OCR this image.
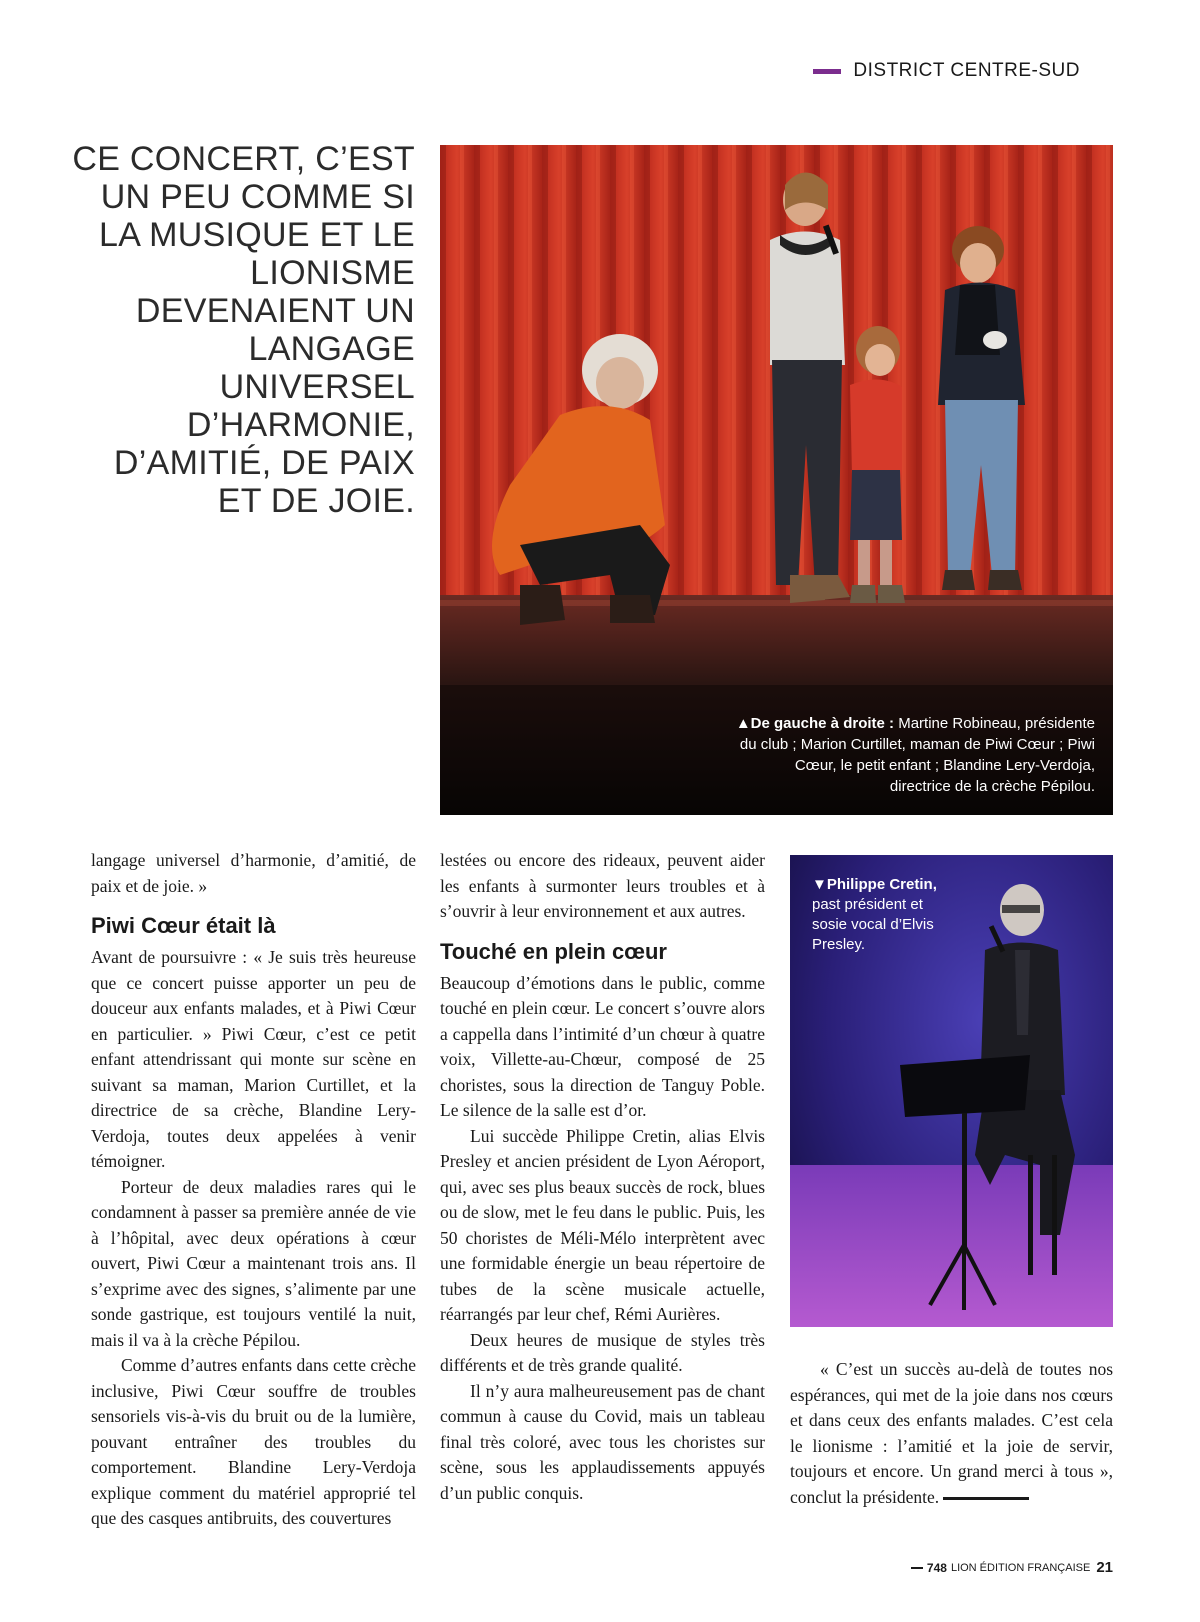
DISTRICT CENTRE-SUD
CE CONCERT, C’EST UN PEU COMME SI LA MUSIQUE ET LE LIONISME DEVENAIENT UN LANGAGE UNIVERSEL D’HARMONIE, D’AMITIÉ, DE PAIX ET DE JOIE.
▲De gauche à droite : Martine Robineau, présidente du club ; Marion Curtillet, maman de Piwi Cœur ; Piwi Cœur, le petit enfant ; Blandine Lery-Verdoja, directrice de la crèche Pépilou.

langage universel d’harmonie, d’amitié, de paix et de joie. »

Piwi Cœur était là

Avant de poursuivre : « Je suis très heureuse que ce concert puisse apporter un peu de douceur aux enfants malades, et à Piwi Cœur en particulier. » Piwi Cœur, c’est ce petit enfant attendrissant qui monte sur scène en suivant sa maman, Marion Curtillet, et la directrice de sa crèche, Blandine Lery-Verdoja, toutes deux appelées à venir témoigner.

Porteur de deux maladies rares qui le condamnent à passer sa première année de vie à l’hôpital, avec deux opérations à cœur ouvert, Piwi Cœur a maintenant trois ans. Il s’exprime avec des signes, s’alimente par une sonde gastrique, est toujours ventilé la nuit, mais il va à la crèche Pépilou.

Comme d’autres enfants dans cette crèche inclusive, Piwi Cœur souffre de troubles sensoriels vis-à-vis du bruit ou de la lumière, pouvant entraîner des troubles du comportement. Blandine Lery-Verdoja explique comment du matériel approprié tel que des casques antibruits, des couvertures

lestées ou encore des rideaux, peuvent aider les enfants à surmonter leurs troubles et à s’ouvrir à leur environnement et aux autres.

Touché en plein cœur

Beaucoup d’émotions dans le public, comme touché en plein cœur. Le concert s’ouvre alors a cappella dans l’intimité d’un chœur à quatre voix, Villette-au-Chœur, composé de 25 choristes, sous la direction de Tanguy Poble. Le silence de la salle est d’or.

Lui succède Philippe Cretin, alias Elvis Presley et ancien président de Lyon Aéroport, qui, avec ses plus beaux succès de rock, blues ou de slow, met le feu dans le public. Puis, les 50 choristes de Méli-Mélo interprètent avec une formidable énergie un beau répertoire de tubes de la scène musicale actuelle, réarrangés par leur chef, Rémi Aurières.

Deux heures de musique de styles très différents et de très grande qualité.

Il n’y aura malheureusement pas de chant commun à cause du Covid, mais un tableau final très coloré, avec tous les choristes sur scène, sous les applaudissements appuyés d’un public conquis.

▼Philippe Cretin, past président et sosie vocal d’Elvis Presley.

« C’est un succès au-delà de toutes nos espérances, qui met de la joie dans nos cœurs et dans ceux des enfants malades. C’est cela le lionisme : l’amitié et la joie de servir, toujours et encore. Un grand merci à tous », conclut la présidente.

748 LION ÉDITION FRANÇAISE 21
